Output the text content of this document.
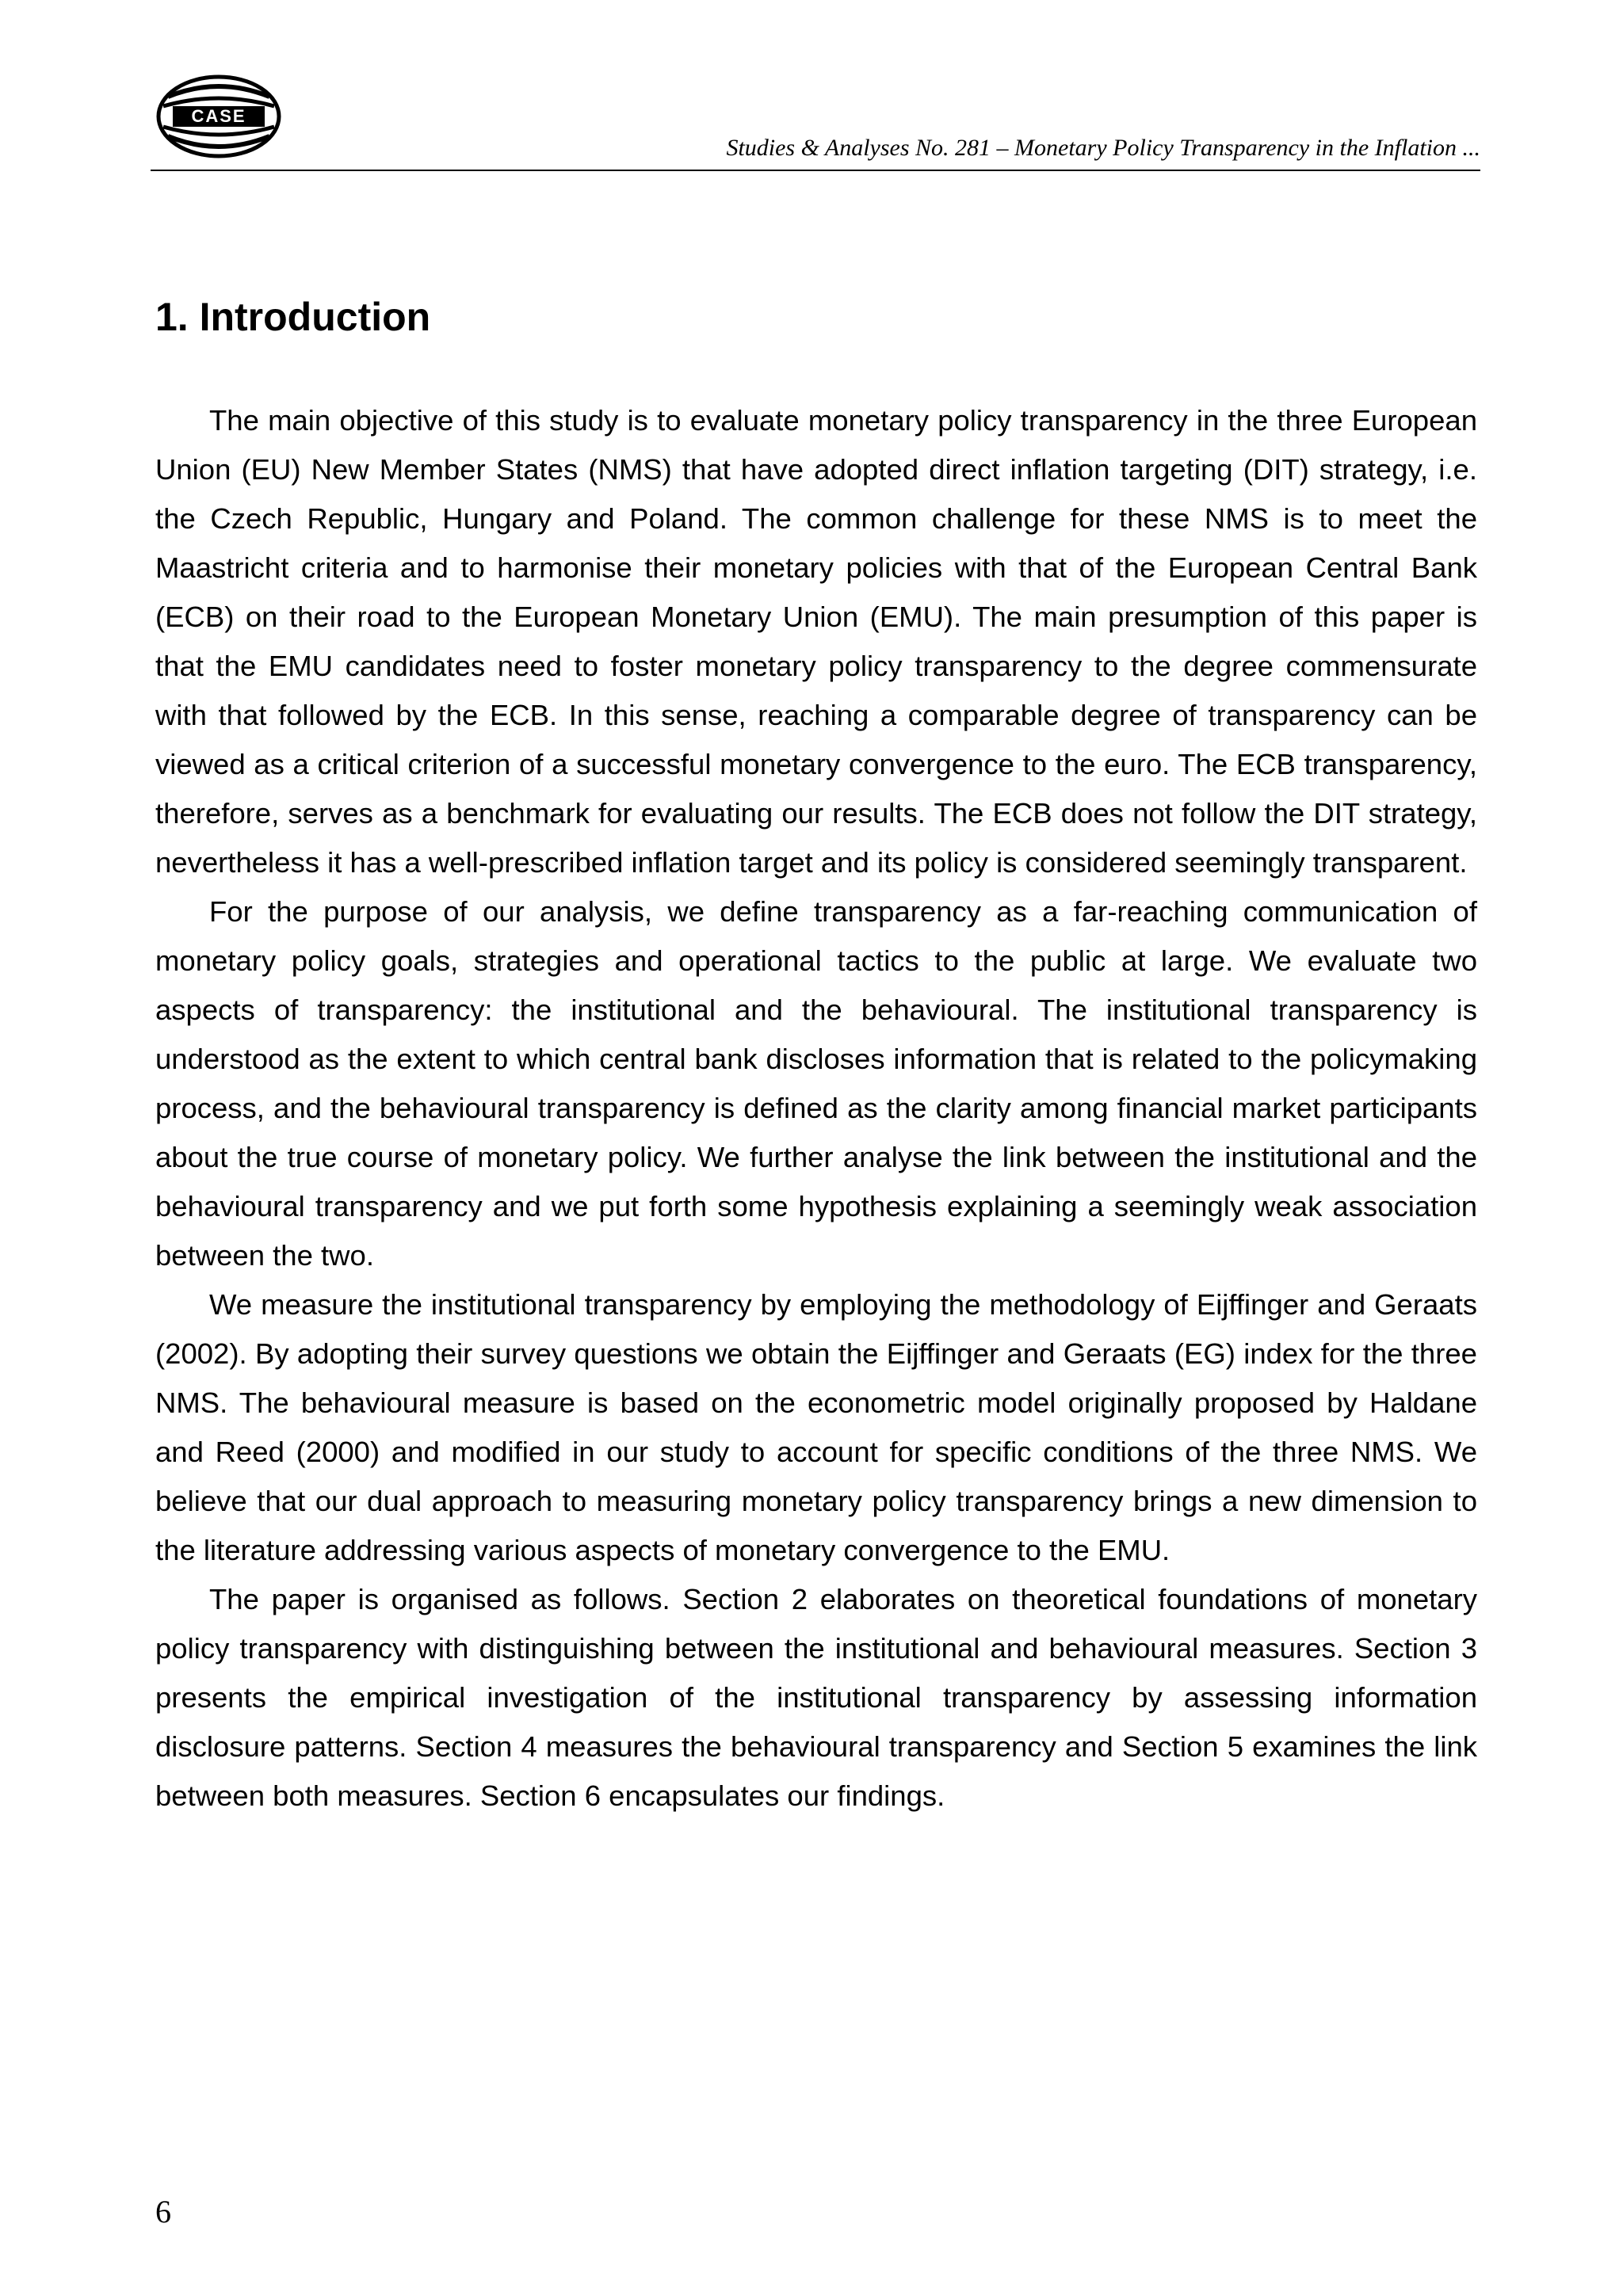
CASE
Studies & Analyses No. 281 – Monetary Policy Transparency in the Inflation ...
1. Introduction

The main objective of this study is to evaluate monetary policy transparency in the three European Union (EU) New Member States (NMS) that have adopted direct inflation targeting (DIT) strategy, i.e. the Czech Republic, Hungary and Poland. The common challenge for these NMS is to meet the Maastricht criteria and to harmonise their monetary policies with that of the European Central Bank (ECB) on their road to the European Monetary Union (EMU). The main presumption of this paper is that the EMU candidates need to foster monetary policy transparency to the degree commensurate with that followed by the ECB. In this sense, reaching a comparable degree of transparency can be viewed as a critical criterion of a successful monetary convergence to the euro. The ECB transparency, therefore, serves as a benchmark for evaluating our results. The ECB does not follow the DIT strategy, nevertheless it has a well-prescribed inflation target and its policy is considered seemingly transparent.

For the purpose of our analysis, we define transparency as a far-reaching communication of monetary policy goals, strategies and operational tactics to the public at large. We evaluate two aspects of transparency: the institutional and the behavioural. The institutional transparency is understood as the extent to which central bank discloses information that is related to the policymaking process, and the behavioural transparency is defined as the clarity among financial market participants about the true course of monetary policy. We further analyse the link between the institutional and the behavioural transparency and we put forth some hypothesis explaining a seemingly weak association between the two.

We measure the institutional transparency by employing the methodology of Eijffinger and Geraats (2002). By adopting their survey questions we obtain the Eijffinger and Geraats (EG) index for the three NMS. The behavioural measure is based on the econometric model originally proposed by Haldane and Reed (2000) and modified in our study to account for specific conditions of the three NMS. We believe that our dual approach to measuring monetary policy transparency brings a new dimension to the literature addressing various aspects of monetary convergence to the EMU.

The paper is organised as follows. Section 2 elaborates on theoretical foundations of monetary policy transparency with distinguishing between the institutional and behavioural measures. Section 3 presents the empirical investigation of the institutional transparency by assessing information disclosure patterns. Section 4 measures the behavioural transparency and Section 5 examines the link between both measures. Section 6 encapsulates our findings.

6
